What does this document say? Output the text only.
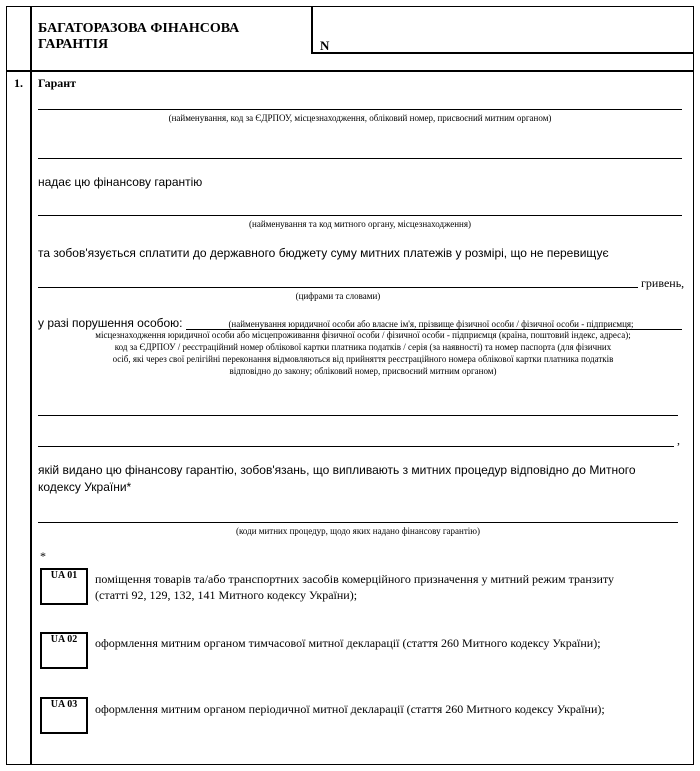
БАГАТОРАЗОВА ФІНАНСОВА
ГАРАНТІЯ	N
1. Гарант
(найменування, код за ЄДРПОУ, місцезнаходження, обліковий номер, присвоєний митним органом)
надає цю фінансову гарантію
(найменування та код митного органу, місцезнаходження)
та зобов'язується сплатити до державного бюджету суму митних платежів у розмірі, що не перевищує
гривень,
(цифрами та словами)
у разі порушення особою:	(найменування юридичної особи або власне ім'я, прізвище фізичної особи / фізичної особи - підприємця;
місцезнаходження юридичної особи або місцепроживання фізичної особи / фізичної особи - підприємця (країна, поштовий індекс, адреса);
код за ЄДРПОУ / реєстраційний номер облікової картки платника податків / серія (за наявності) та номер паспорта (для фізичних
осіб, які через свої релігійні переконання відмовляються від прийняття реєстраційного номера облікової картки платника податків
відповідно до закону; обліковий номер, присвоєний митним органом)
,
якій видано цю фінансову гарантію, зобов'язань, що випливають з митних процедур відповідно до Митного
кодексу України*
(коди митних процедур, щодо яких надано фінансову гарантію)
*
UA 01	поміщення товарів та/або транспортних засобів комерційного призначення у митний режим транзиту
(статті 92, 129, 132, 141 Митного кодексу України);
UA 02	оформлення митним органом тимчасової митної декларації (стаття 260 Митного кодексу України);
UA 03	оформлення митним органом періодичної митної декларації (стаття 260 Митного кодексу України);
